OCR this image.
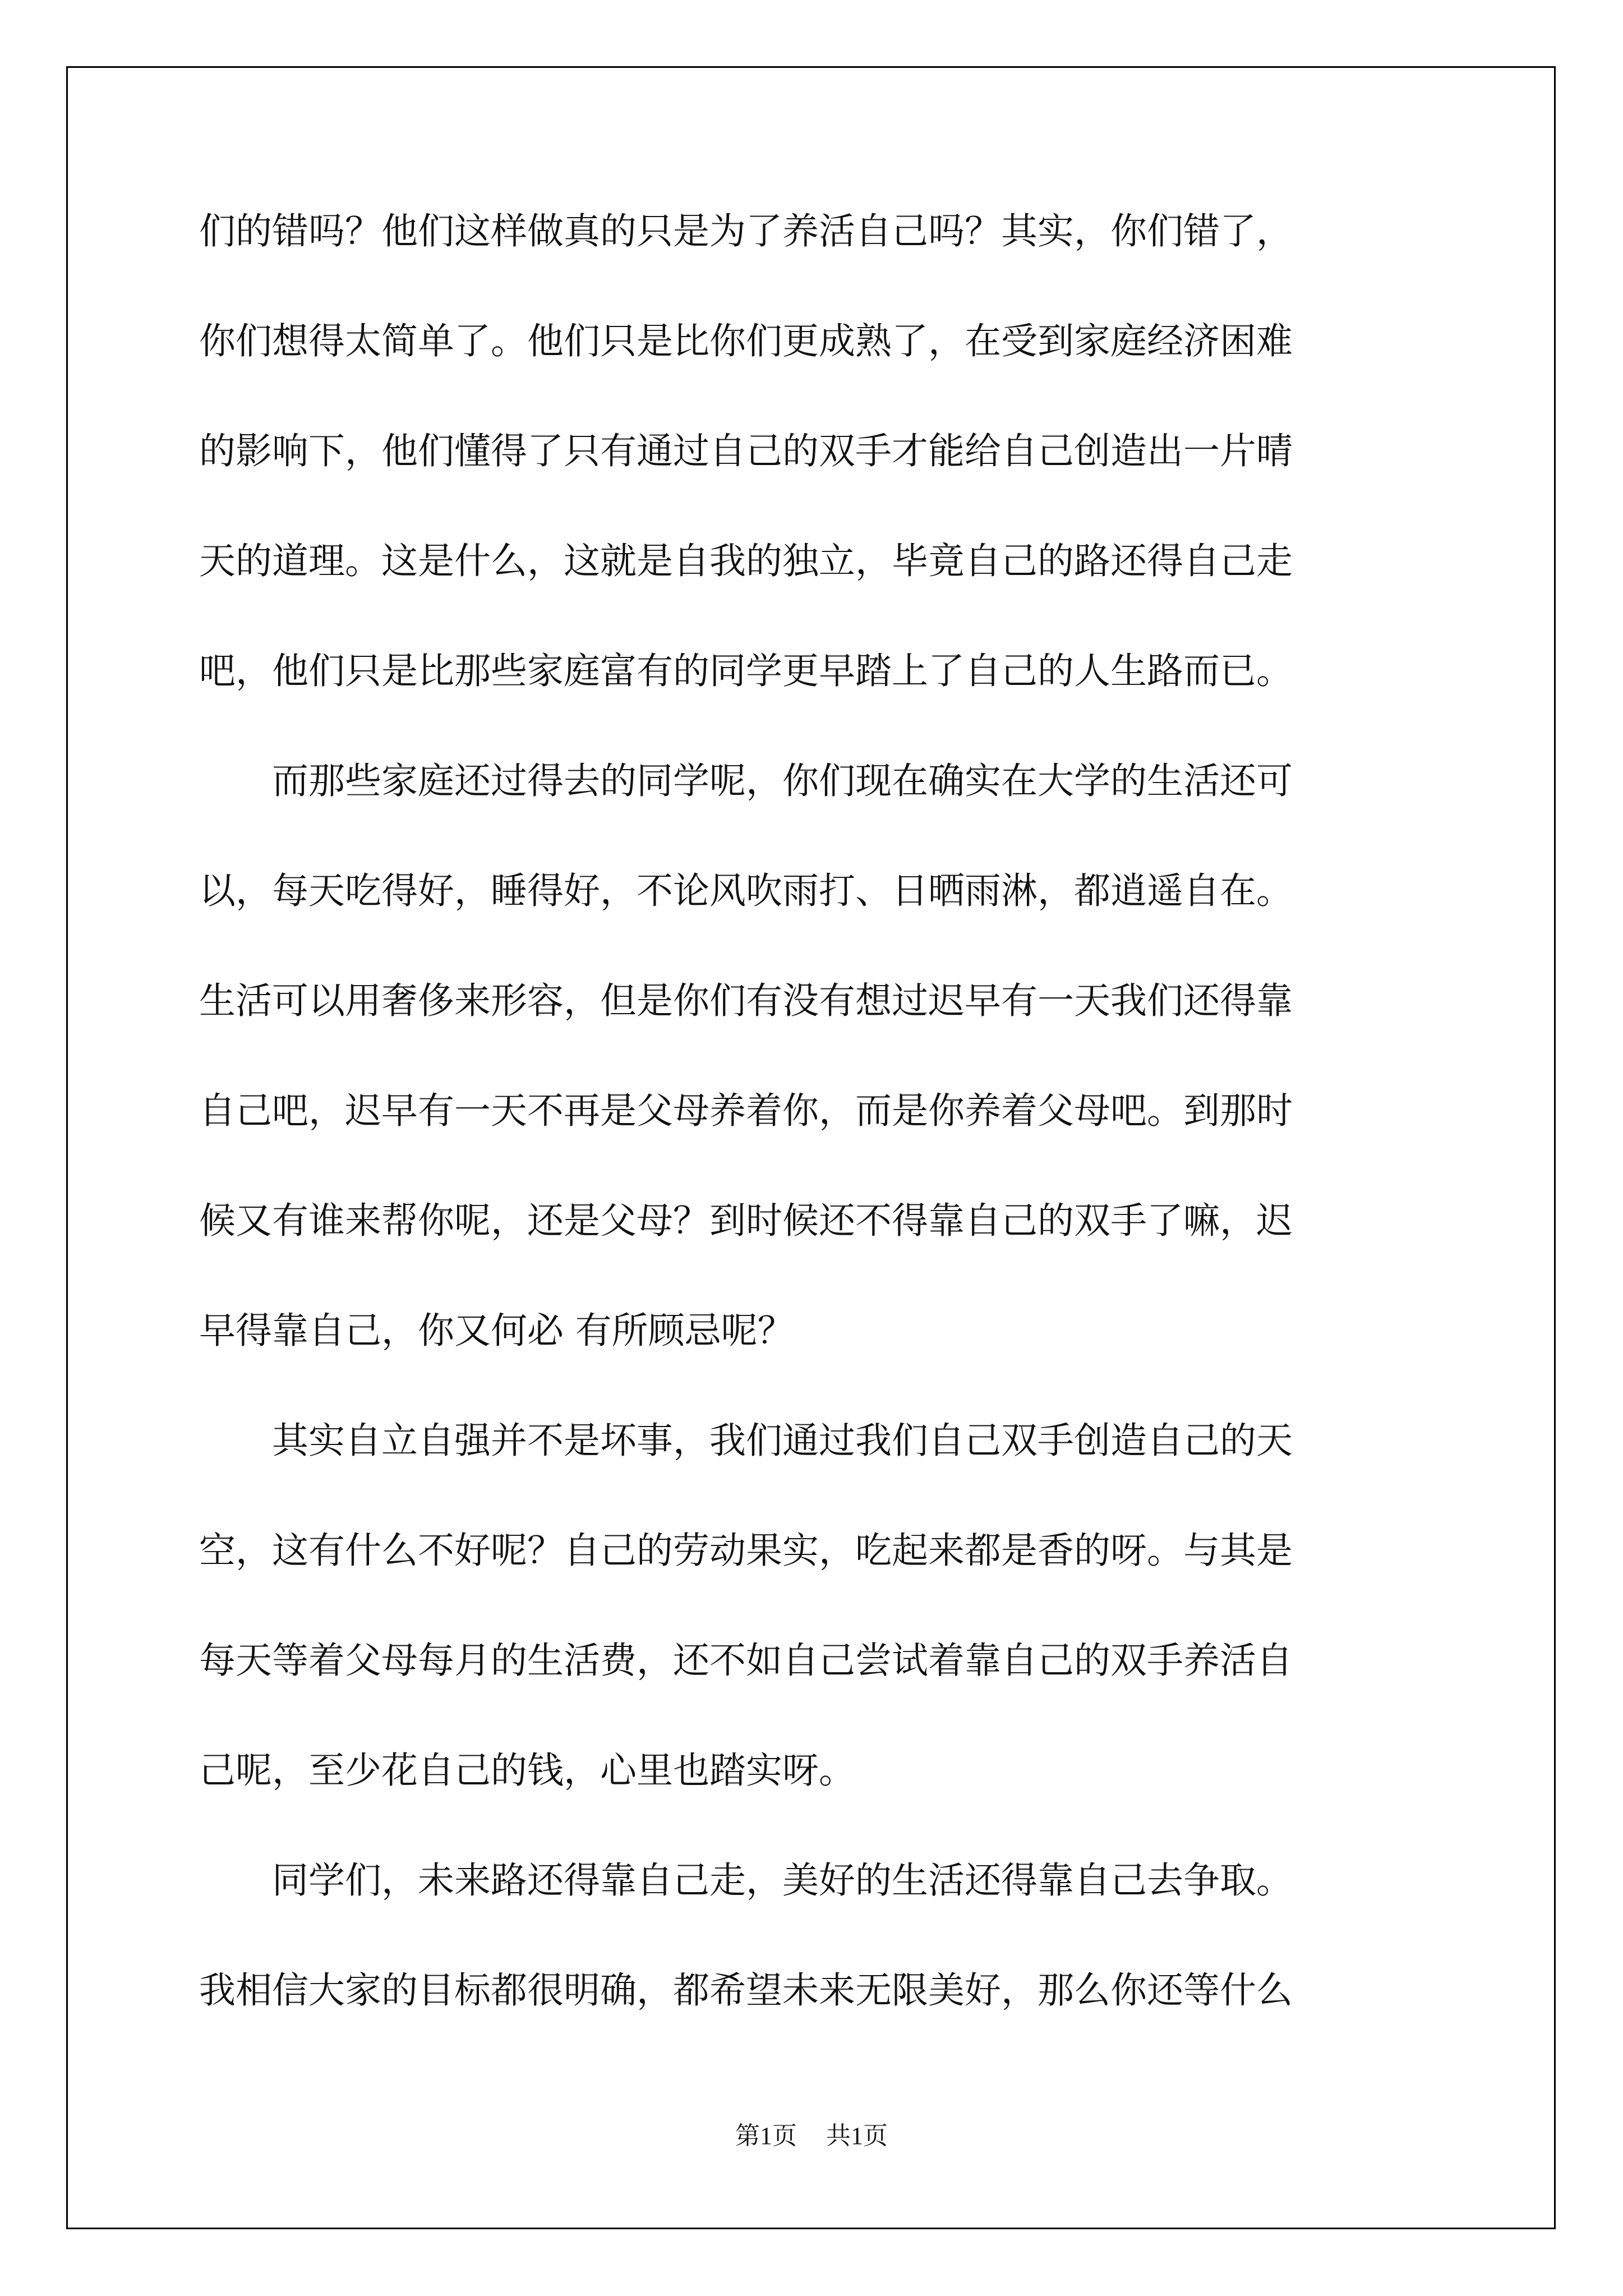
们的错吗？他们这样做真的只是为了养活自己吗？其实，你们错了，
你们想得太简单了。他们只是比你们更成熟了，在受到家庭经济困难
的影响下，他们懂得了只有通过自己的双手才能给自己创造出一片晴
天的道理。这是什么，这就是自我的独立，毕竟自己的路还得自己走
吧，他们只是比那些家庭富有的同学更早踏上了自己的人生路而已。

而那些家庭还过得去的同学呢，你们现在确实在大学的生活还可
以，每天吃得好，睡得好，不论风吹雨打、日晒雨淋，都逍遥自在。
生活可以用奢侈来形容，但是你们有没有想过迟早有一天我们还得靠
自己吧，迟早有一天不再是父母养着你，而是你养着父母吧。到那时
候又有谁来帮你呢，还是父母？到时候还不得靠自己的双手了嘛，迟
早得靠自己，你又何必 有所顾忌呢？

其实自立自强并不是坏事，我们通过我们自己双手创造自己的天
空，这有什么不好呢？自己的劳动果实，吃起来都是香的呀。与其是
每天等着父母每月的生活费，还不如自己尝试着靠自己的双手养活自
己呢，至少花自己的钱，心里也踏实呀。

同学们，未来路还得靠自己走，美好的生活还得靠自己去争取。
我相信大家的目标都很明确，都希望未来无限美好，那么你还等什么

第1页 共1页
